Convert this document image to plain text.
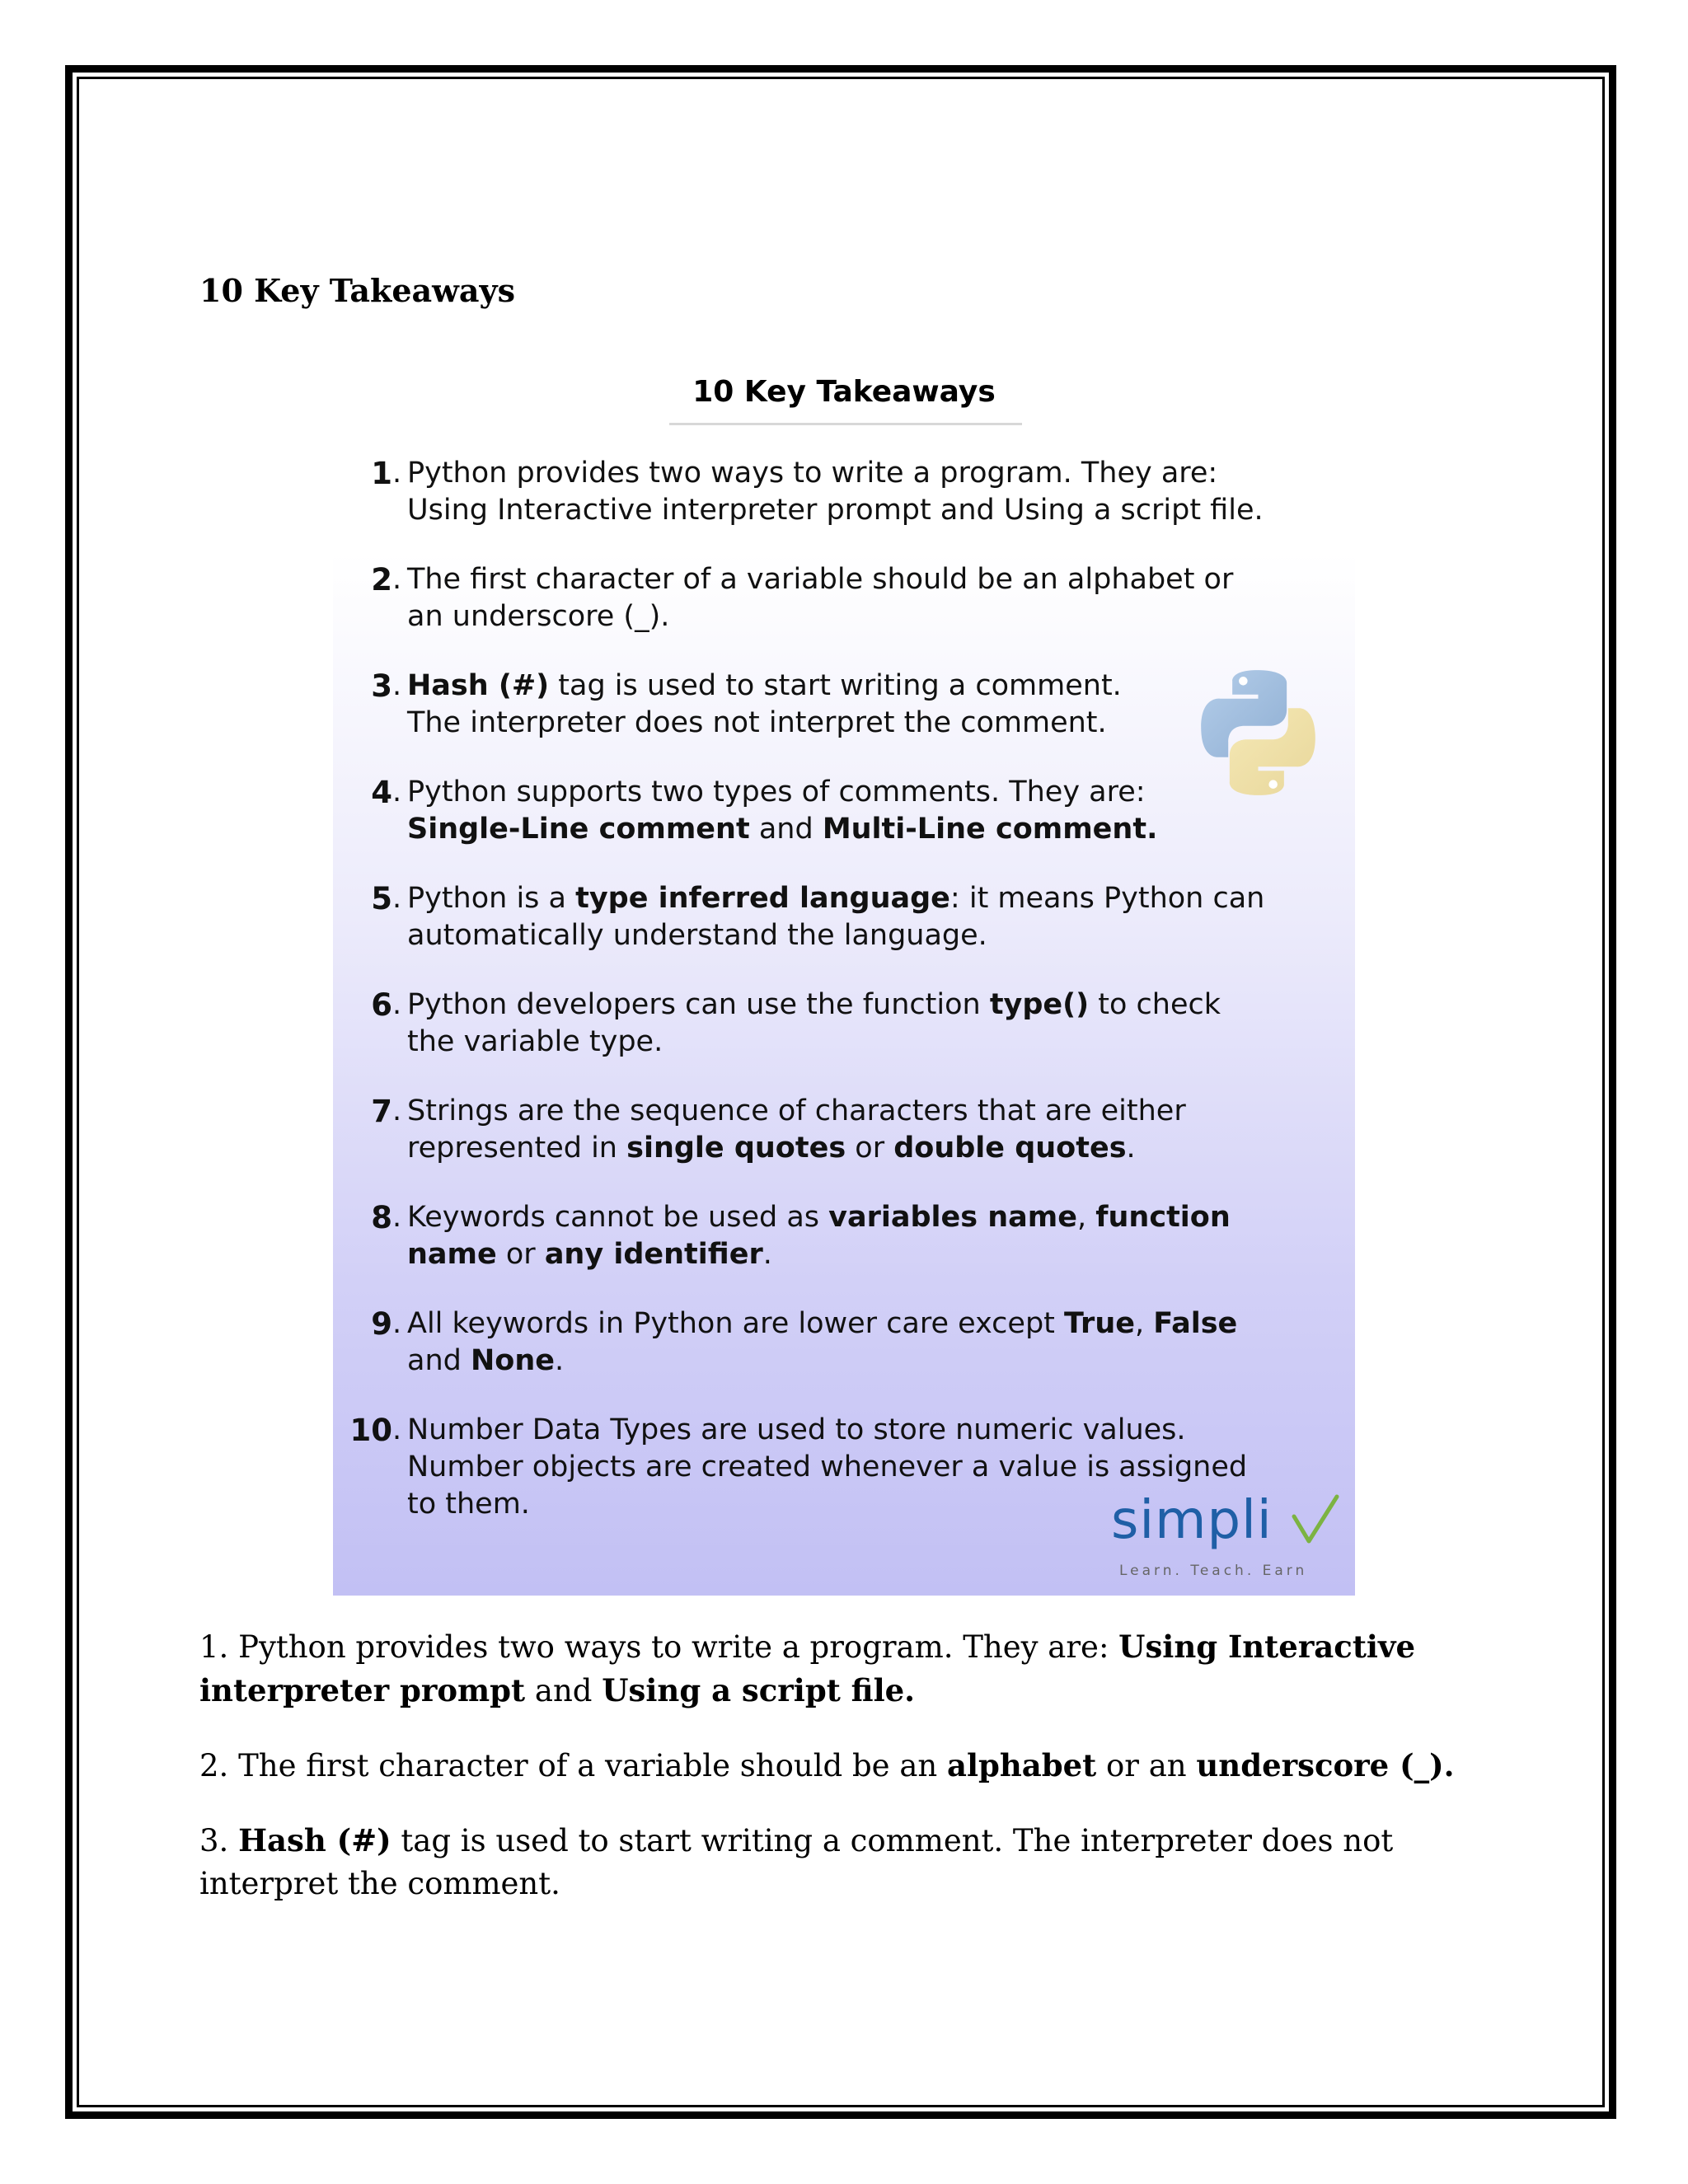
10 Key Takeaways
10 Key Takeaways
1 . Python provides two ways to write a program. They are:
Using Interactive interpreter prompt and Using a script file.
2 . The first character of a variable should be an alphabet or
an underscore (_).
3 . Hash (#) tag is used to start writing a comment.
The interpreter does not interpret the comment.
4 . Python supports two types of comments. They are:
Single-Line comment and Multi-Line comment.
5 . Python is a type inferred language: it means Python can
automatically understand the language.
6 . Python developers can use the function type() to check
the variable type.
7 . Strings are the sequence of characters that are either
represented in single quotes or double quotes.
8 . Keywords cannot be used as variables name, function
name or any identifier.
9 . All keywords in Python are lower care except True, False
and None.
10 . Number Data Types are used to store numeric values.
Number objects are created whenever a value is assigned
to them.	simpli
Learn. Teach. Earn

1. Python provides two ways to write a program. They are: Using Interactive interpreter prompt and Using a script file.

2. The first character of a variable should be an alphabet or an underscore (_).

3. Hash (#) tag is used to start writing a comment. The interpreter does not interpret the comment.
